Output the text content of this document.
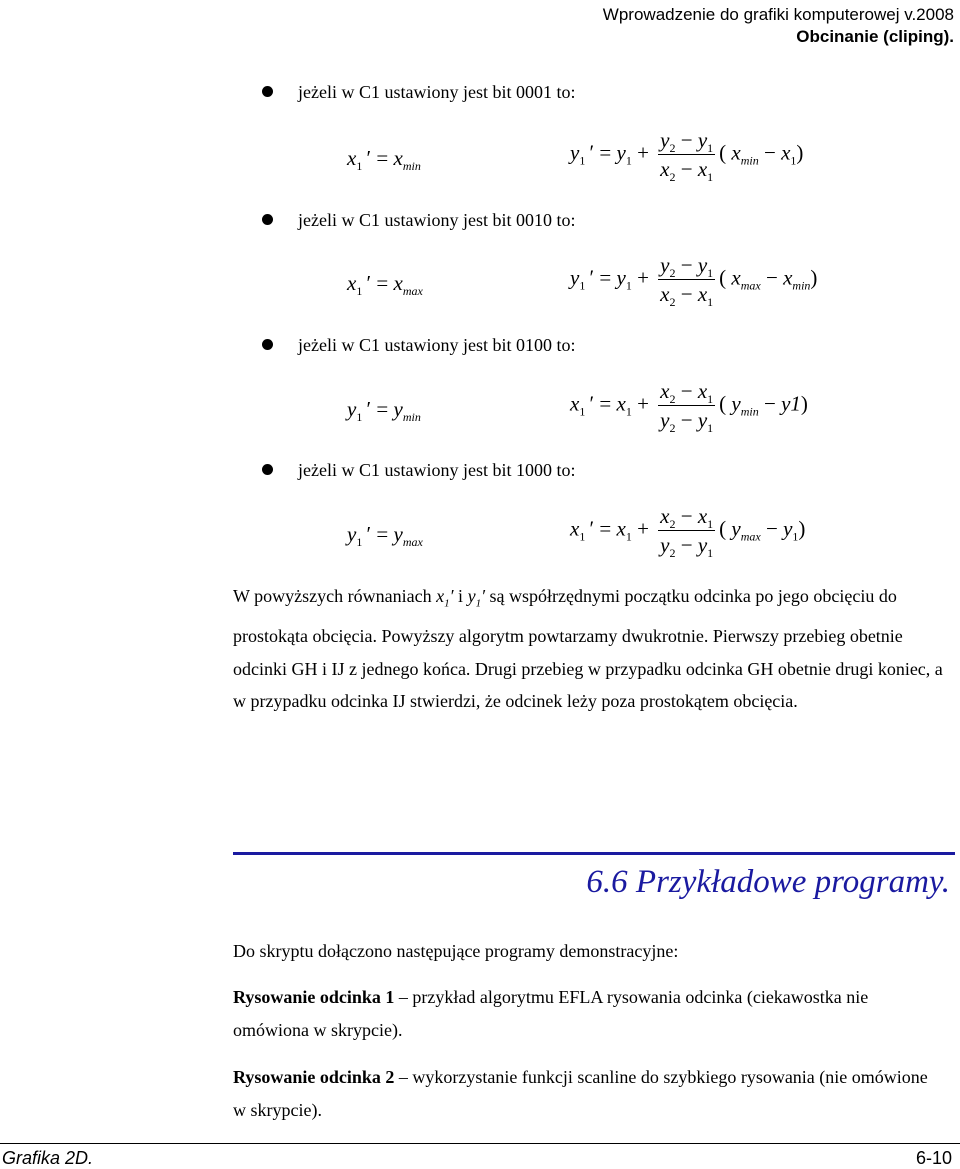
Wprowadzenie do grafiki komputerowej v.2008
Obcinanie (cliping).
jeżeli w C1 ustawiony jest bit 0001 to:
$x_1$ ′ = $x_{min}$
$y_1$ ′ = $y_1 + \frac{y_2 - y_1}{x_2 - x_1}$ ( $x_{min} - x_1$)
jeżeli w C1 ustawiony jest bit 0010 to:
$x_1$ ′ = $x_{max}$
$y_1$ ′ = $y_1 + \frac{y_2 - y_1}{x_2 - x_1}$ ( $x_{max} - x_{min}$)
jeżeli w C1 ustawiony jest bit 0100 to:
$y_1$ ′ = $y_{min}$
$x_1$ ′ = $x_1 + \frac{x_2 - x_1}{y_2 - y_1}$ ( $y_{min} - y1$)
jeżeli w C1 ustawiony jest bit 1000 to:
$y_1$ ′ = $y_{max}$
$x_1$ ′ = $x_1 + \frac{x_2 - x_1}{y_2 - y_1}$ ( $y_{max} - y_1$)
W powyższych równaniach $x_1'$ i $y_1'$ są współrzędnymi początku odcinka po jego obcięciu do prostokąta obcięcia. Powyższy algorytm powtarzamy dwukrotnie. Pierwszy przebieg obetnie odcinki GH i IJ z jednego końca. Drugi przebieg w przypadku odcinka GH obetnie drugi koniec, a w przypadku odcinka IJ stwierdzi, że odcinek leży poza prostokątem obcięcia.
6.6 Przykładowe programy.
Do skryptu dołączono następujące programy demonstracyjne:
Rysowanie odcinka 1 – przykład algorytmu EFLA rysowania odcinka (ciekawostka nie omówiona w skrypcie).
Rysowanie odcinka 2 – wykorzystanie funkcji scanline do szybkiego rysowania (nie omówione w skrypcie).
Grafika 2D.	6-10
